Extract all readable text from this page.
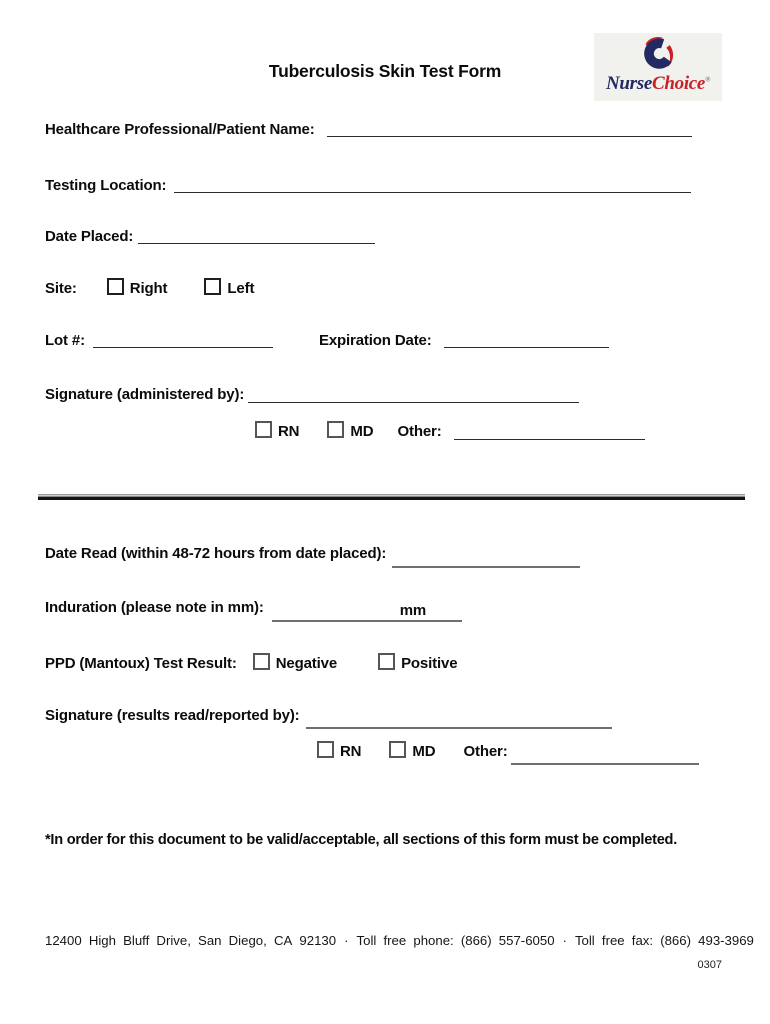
Tuberculosis Skin Test Form
NurseChoice®
Healthcare Professional/Patient Name:
Testing Location:
Date Placed:
Site:	Right	Left
Lot #:	Expiration Date:
Signature (administered by):
RN	MD Other:
Date Read (within 48-72 hours from date placed):
Induration (please note in mm):	mm
PPD (Mantoux) Test Result:	Negative	Positive
Signature (results read/reported by):
RN	MD Other:
*In order for this document to be valid/acceptable, all sections of this form must be completed.
12400 High Bluff Drive, San Diego, CA 92130 · Toll free phone: (866) 557-6050 · Toll free fax: (866) 493-3969
0307
